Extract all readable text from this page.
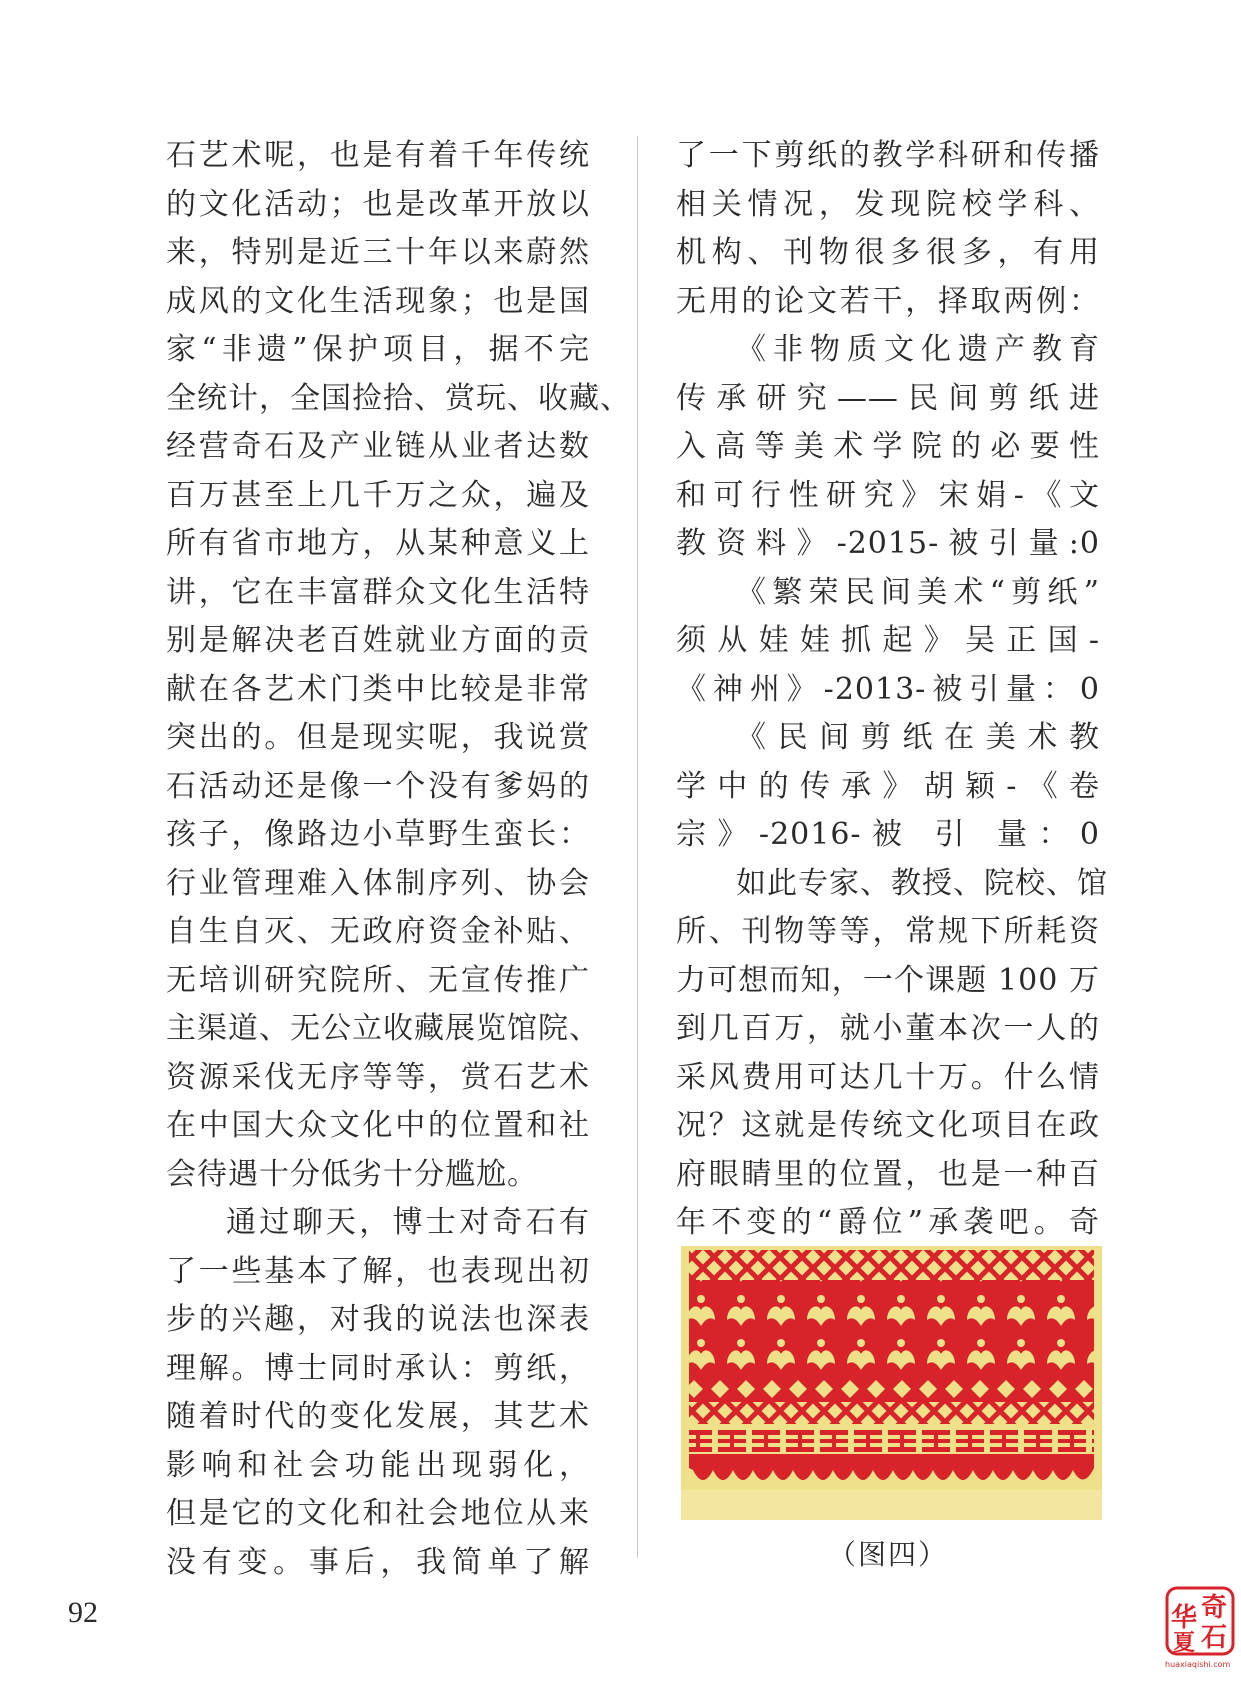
石艺术呢，也是有着千年传统
的文化活动；也是改革开放以
来，特别是近三十年以来蔚然
成风的文化生活现象；也是国
家“非遗”保护项目，据不完
全统计，全国捡拾、赏玩、收藏、
经营奇石及产业链从业者达数
百万甚至上几千万之众，遍及
所有省市地方，从某种意义上
讲，它在丰富群众文化生活特
别是解决老百姓就业方面的贡
献在各艺术门类中比较是非常
突出的。但是现实呢，我说赏
石活动还是像一个没有爹妈的
孩子，像路边小草野生蛮长：
行业管理难入体制序列、协会
自生自灭、无政府资金补贴、
无培训研究院所、无宣传推广
主渠道、无公立收藏展览馆院、
资源采伐无序等等，赏石艺术
在中国大众文化中的位置和社
会待遇十分低劣十分尴尬。
通过聊天，博士对奇石有
了一些基本了解，也表现出初
步的兴趣，对我的说法也深表
理解。博士同时承认：剪纸，
随着时代的变化发展，其艺术
影响和社会功能出现弱化，
但是它的文化和社会地位从来
没有变。事后，我简单了解
了一下剪纸的教学科研和传播
相关情况，发现院校学科、
机构、刊物很多很多，有用
无用的论文若干，择取两例：
《非物质文化遗产教育
传承研究——民间剪纸进
入高等美术学院的必要性
和可行性研究》宋娟-《文
教资料》-2015-被引量:0
《繁荣民间美术“剪纸”
须从娃娃抓起》吴正国-
《神州》-2013-被引量：0
《民间剪纸在美术教
学中的传承》胡颖-《卷
宗》-2016-被 引 量：0
如此专家、教授、院校、馆
所、刊物等等，常规下所耗资
力可想而知，一个课题 100 万
到几百万，就小董本次一人的
采风费用可达几十万。什么情
况？这就是传统文化项目在政
府眼睛里的位置，也是一种百
年不变的“爵位”承袭吧。奇
（图四）
92	奇
华
石
夏
huaxiaqishi.com
